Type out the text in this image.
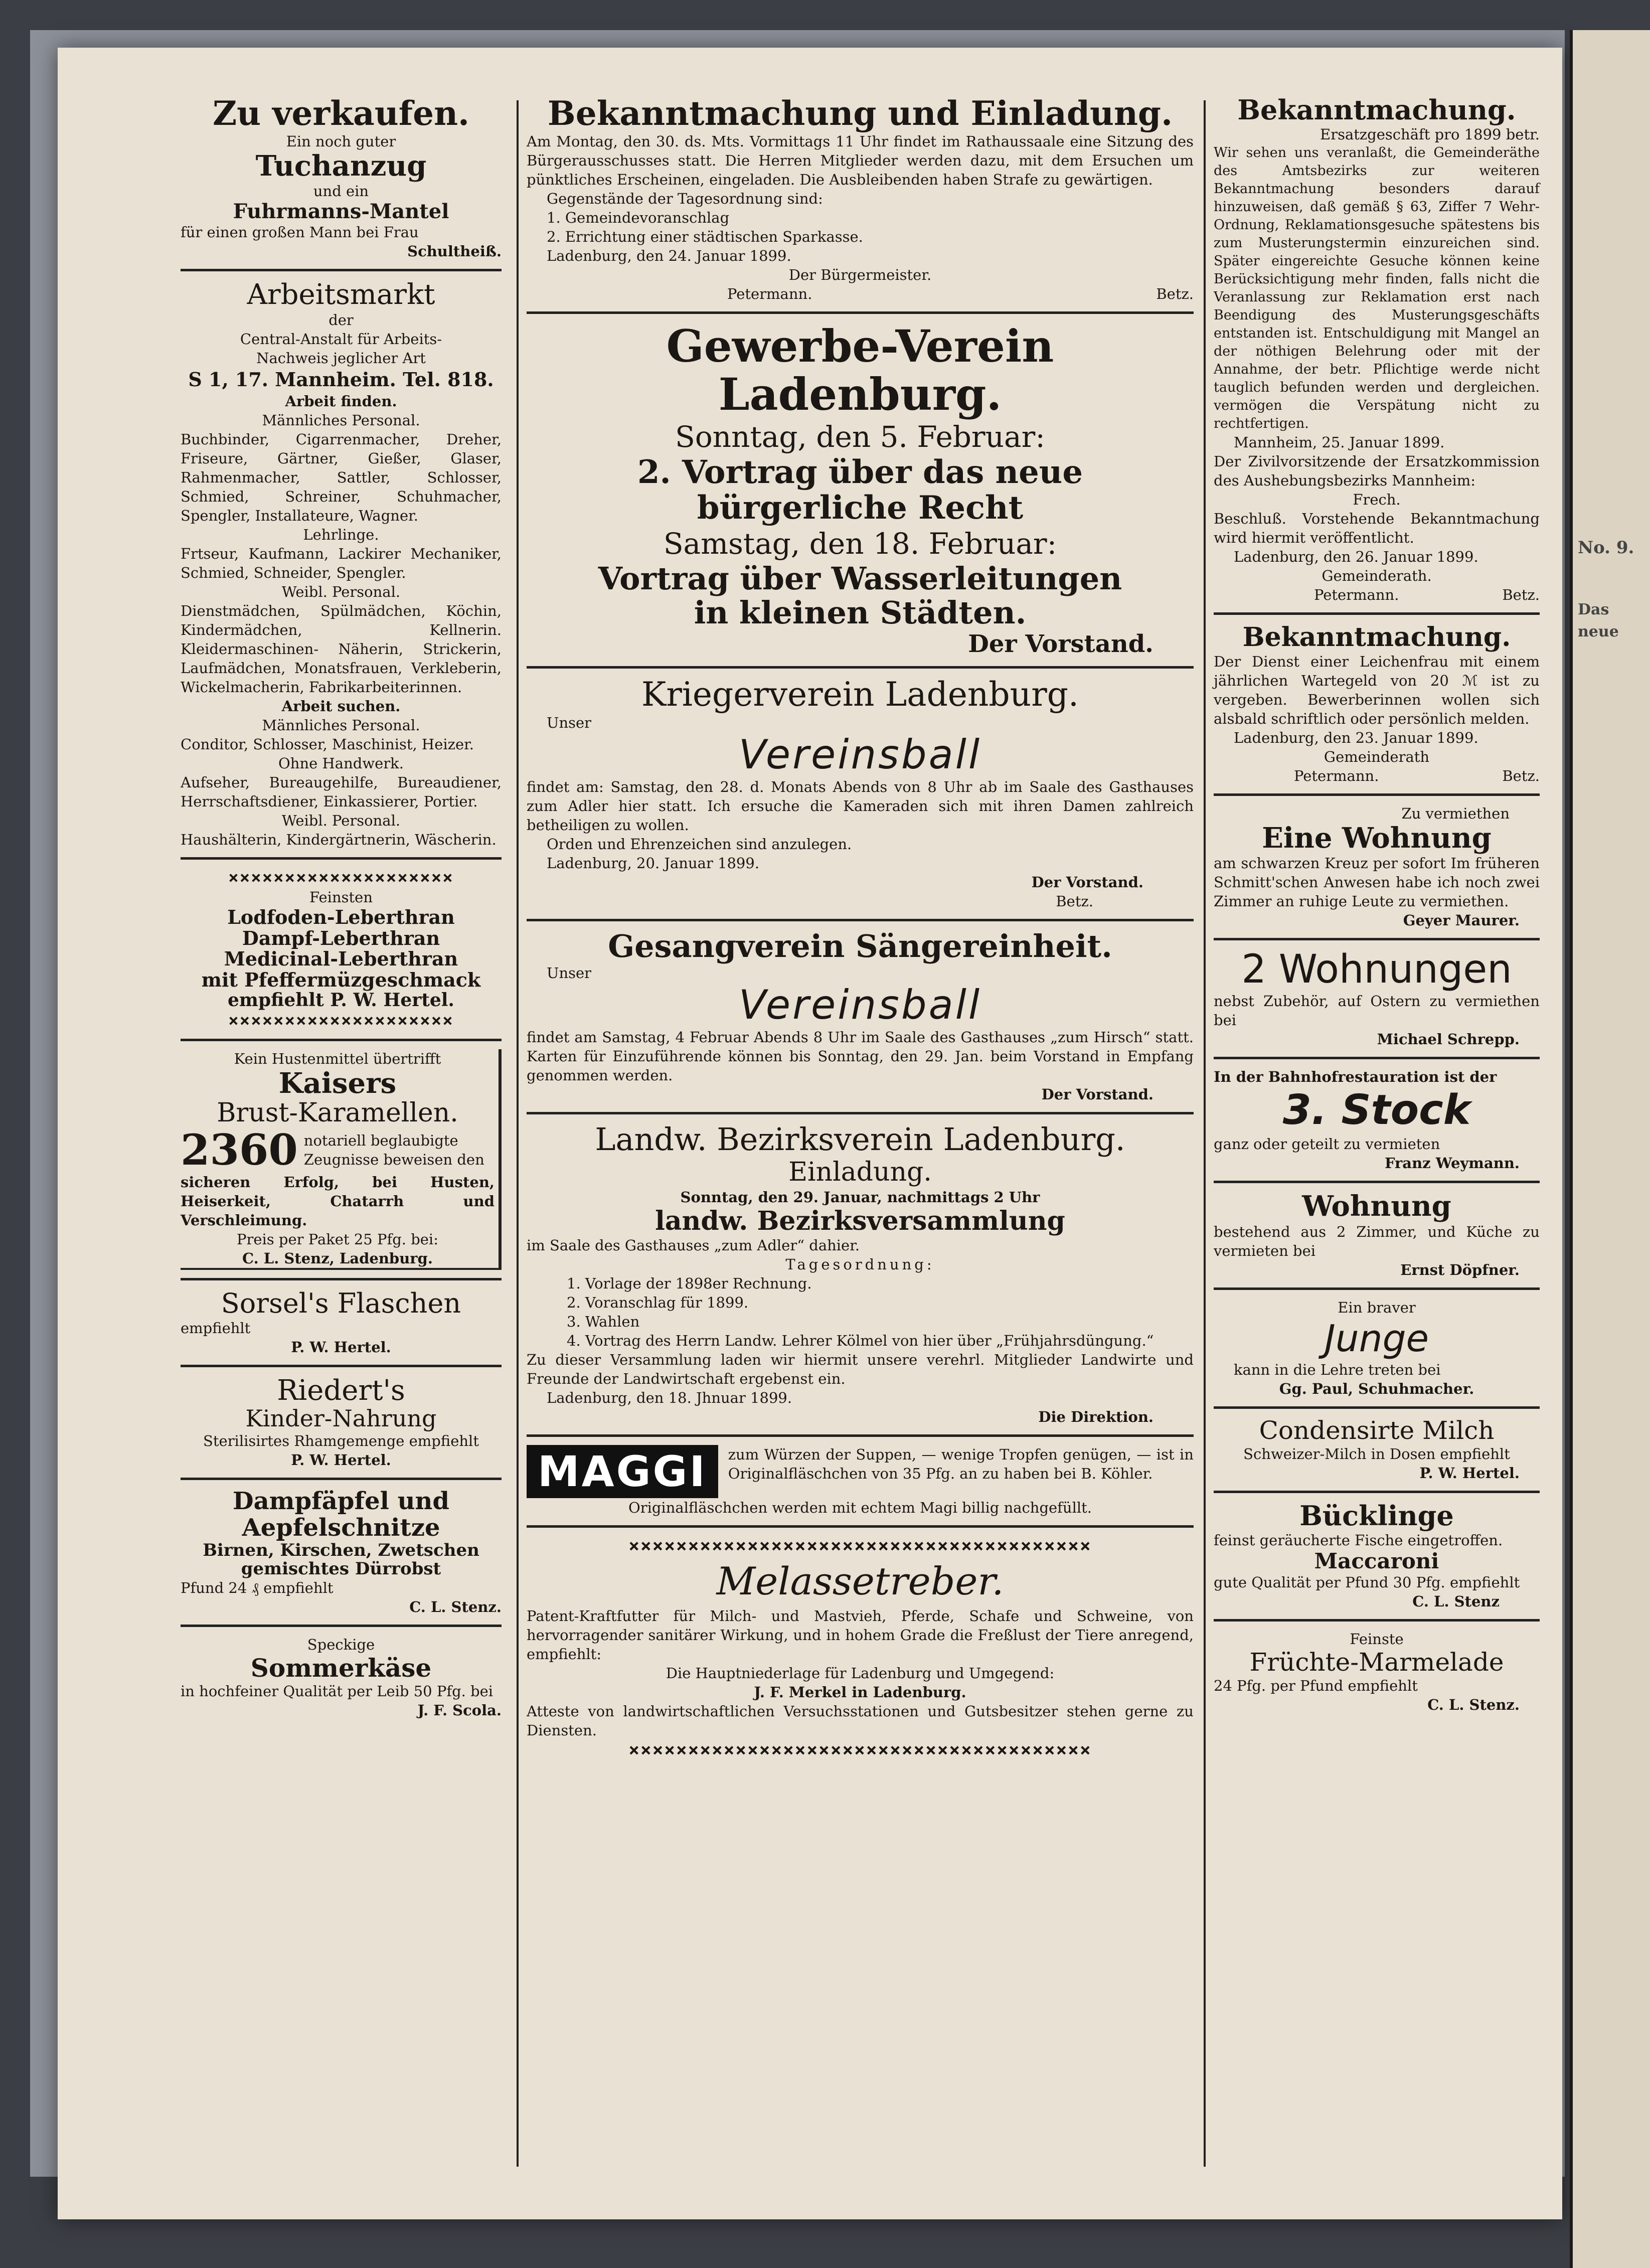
No. 9.
Das neue
Zu verkaufen.
Ein noch guter
Tuchanzug
und ein
Fuhrmanns-Mantel
für einen großen Mann bei Frau
Schultheiß.
Arbeitsmarkt
der
Central-Anstalt für Arbeits-
Nachweis jeglicher Art
S 1, 17. Mannheim. Tel. 818.
Arbeit finden.
Männliches Personal.
Buchbinder, Cigarrenmacher, Dreher, Friseure, Gärtner, Gießer, Glaser, Rahmenmacher, Sattler, Schlosser, Schmied, Schreiner, Schuhmacher, Spengler, Installateure, Wagner.
Lehrlinge.
Frtseur, Kaufmann, Lackirer Mechaniker, Schmied, Schneider, Spengler.
Weibl. Personal.
Dienstmädchen, Spülmädchen, Köchin, Kindermädchen, Kellnerin. Kleidermaschinen- Näherin, Strickerin, Laufmädchen, Monatsfrauen, Verkleberin, Wickelmacherin, Fabrikarbeiterinnen.
Arbeit suchen.
Männliches Personal.
Conditor, Schlosser, Maschinist, Heizer.
Ohne Handwerk.
Aufseher, Bureaugehilfe, Bureaudiener, Herrschaftsdiener, Einkassierer, Portier.
Weibl. Personal.
Haushälterin, Kindergärtnerin, Wäscherin.
××××××××××××××××××××
Feinsten
Lodfoden-Leberthran
Dampf-Leberthran
Medicinal-Leberthran
mit Pfeffermüzgeschmack
empfiehlt P. W. Hertel.
××××××××××××××××××××
Kein Hustenmittel übertrifft
Kaisers
Brust-Karamellen.
2360 notariell beglaubigte Zeugnisse beweisen den
sicheren Erfolg, bei Husten, Heiserkeit, Chatarrh und Verschleimung.
Preis per Paket 25 Pfg. bei:
C. L. Stenz, Ladenburg.
Sorsel's Flaschen
empfiehlt
P. W. Hertel.
Riedert's
Kinder-Nahrung
Sterilisirtes Rhamgemenge empfiehlt
P. W. Hertel.
Dampfäpfel und
Aepfelschnitze
Birnen, Kirschen, Zwetschen
gemischtes Dürrobst
Pfund 24 ₰ empfiehlt
C. L. Stenz.
Speckige
Sommerkäse
in hochfeiner Qualität per Leib 50 Pfg. bei
J. F. Scola.
Bekanntmachung und Einladung.
Am Montag, den 30. ds. Mts. Vormittags 11 Uhr findet im Rathaussaale eine Sitzung des Bürgerausschusses statt. Die Herren Mitglieder werden dazu, mit dem Ersuchen um pünktliches Erscheinen, eingeladen. Die Ausbleibenden haben Strafe zu gewärtigen.
Gegenstände der Tagesordnung sind:
1. Gemeindevoranschlag
2. Errichtung einer städtischen Sparkasse.
Ladenburg, den 24. Januar 1899.
Der Bürgermeister.
Petermann.	Betz.
Gewerbe-Verein Ladenburg.
Sonntag, den 5. Februar:
2. Vortrag über das neue
bürgerliche Recht
Samstag, den 18. Februar:
Vortrag über Wasserleitungen
in kleinen Städten.
Der Vorstand.
Kriegerverein Ladenburg.
Unser
Vereinsball
findet am: Samstag, den 28. d. Monats Abends von 8 Uhr ab im Saale des Gasthauses zum Adler hier statt. Ich ersuche die Kameraden sich mit ihren Damen zahlreich betheiligen zu wollen.
Orden und Ehrenzeichen sind anzulegen.
Ladenburg, 20. Januar 1899.
Der Vorstand.
Betz.
Gesangverein Sängereinheit.
Unser
Vereinsball
findet am Samstag, 4 Februar Abends 8 Uhr im Saale des Gasthauses „zum Hirsch“ statt. Karten für Einzuführende können bis Sonntag, den 29. Jan. beim Vorstand in Empfang genommen werden.
Der Vorstand.
Landw. Bezirksverein Ladenburg.
Einladung.
Sonntag, den 29. Januar, nachmittags 2 Uhr
landw. Bezirksversammlung
im Saale des Gasthauses „zum Adler“ dahier.
Tagesordnung:
1. Vorlage der 1898er Rechnung.
2. Voranschlag für 1899.
3. Wahlen
4. Vortrag des Herrn Landw. Lehrer Kölmel von hier über „Frühjahrsdüngung.“
Zu dieser Versammlung laden wir hiermit unsere verehrl. Mitglieder Landwirte und Freunde der Landwirtschaft ergebenst ein.
Ladenburg, den 18. Jhnuar 1899.
Die Direktion.
MAGGI	zum Würzen der Suppen, — wenige Tropfen genügen, — ist in Originalfläschchen von 35 Pfg. an zu haben bei B. Köhler.
Originalfläschchen werden mit echtem Magi billig nachgefüllt.
×××××××××××××××××××××××××××××××××××××××
Melassetreber.
Patent-Kraftfutter für Milch- und Mastvieh, Pferde, Schafe und Schweine, von hervorragender sanitärer Wirkung, und in hohem Grade die Freßlust der Tiere anregend, empfiehlt:
Die Hauptniederlage für Ladenburg und Umgegend:
J. F. Merkel in Ladenburg.
Atteste von landwirtschaftlichen Versuchsstationen und Gutsbesitzer stehen gerne zu Diensten.
×××××××××××××××××××××××××××××××××××××××
Bekanntmachung.
Ersatzgeschäft pro 1899 betr.
Wir sehen uns veranlaßt, die Gemeinderäthe des Amtsbezirks zur weiteren Bekanntmachung besonders darauf hinzuweisen, daß gemäß § 63, Ziffer 7 Wehr-Ordnung, Reklamationsgesuche spätestens bis zum Musterungstermin einzureichen sind. Später eingereichte Gesuche können keine Berücksichtigung mehr finden, falls nicht die Veranlassung zur Reklamation erst nach Beendigung des Musterungsgeschäfts entstanden ist. Entschuldigung mit Mangel an der nöthigen Belehrung oder mit der Annahme, der betr. Pflichtige werde nicht tauglich befunden werden und dergleichen. vermögen die Verspätung nicht zu rechtfertigen.
Mannheim, 25. Januar 1899.
Der Zivilvorsitzende der Ersatzkommission des Aushebungsbezirks Mannheim:
Frech.
Beschluß. Vorstehende Bekanntmachung wird hiermit veröffentlicht.
Ladenburg, den 26. Januar 1899.
Gemeinderath.
Petermann.	Betz.
Bekanntmachung.
Der Dienst einer Leichenfrau mit einem jährlichen Wartegeld von 20 ℳ ist zu vergeben. Bewerberinnen wollen sich alsbald schriftlich oder persönlich melden.
Ladenburg, den 23. Januar 1899.
Gemeinderath
Petermann.	Betz.
Zu vermiethen
Eine Wohnung
am schwarzen Kreuz per sofort Im früheren Schmitt'schen Anwesen habe ich noch zwei Zimmer an ruhige Leute zu vermiethen.
Geyer Maurer.
2 Wohnungen
nebst Zubehör, auf Ostern zu vermiethen bei
Michael Schrepp.
In der Bahnhofrestauration ist der
3. Stock
ganz oder geteilt zu vermieten
Franz Weymann.
Wohnung
bestehend aus 2 Zimmer, und Küche zu vermieten bei
Ernst Döpfner.
Ein braver
Junge
kann in die Lehre treten bei
Gg. Paul, Schuhmacher.
Condensirte Milch
Schweizer-Milch in Dosen empfiehlt
P. W. Hertel.
Bücklinge
feinst geräucherte Fische eingetroffen.
Maccaroni
gute Qualität per Pfund 30 Pfg. empfiehlt
C. L. Stenz
Feinste
Früchte-Marmelade
24 Pfg. per Pfund empfiehlt
C. L. Stenz.
